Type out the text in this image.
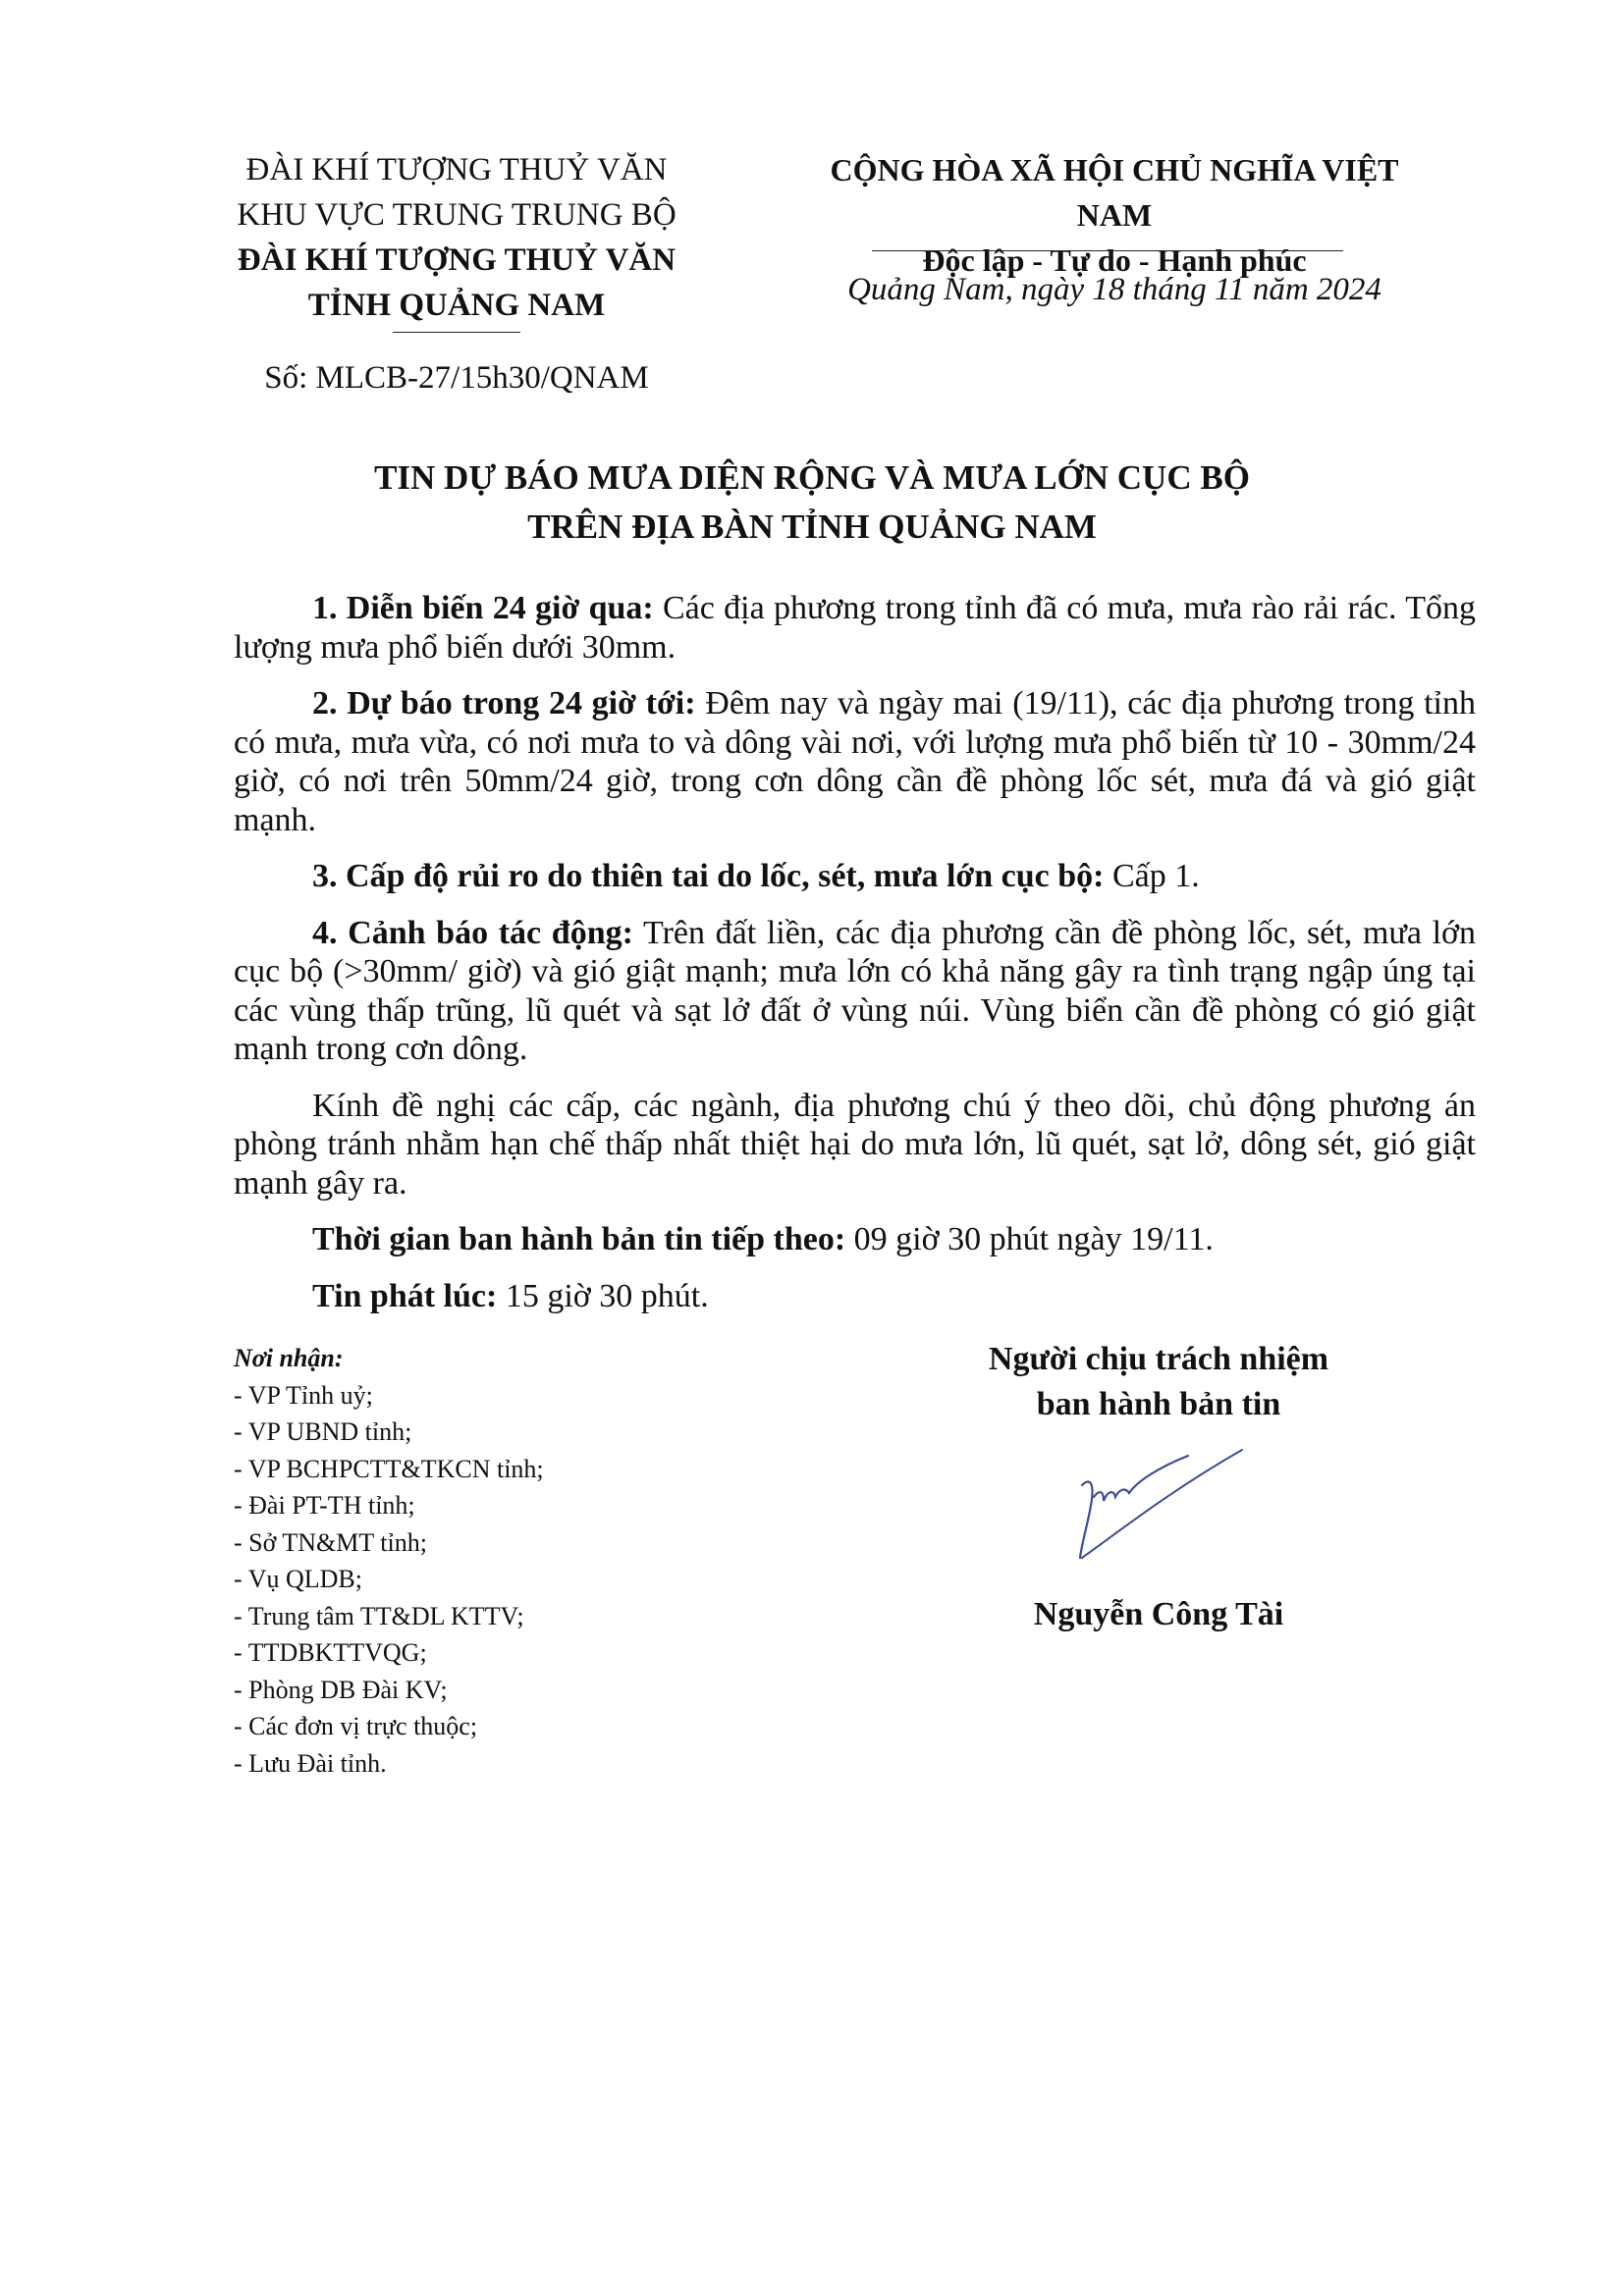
ĐÀI KHÍ TƯỢNG THUỶ VĂN
KHU VỰC TRUNG TRUNG BỘ
ĐÀI KHÍ TƯỢNG THUỶ VĂN
TỈNH QUẢNG NAM
Số: MLCB-27/15h30/QNAM
CỘNG HÒA XÃ HỘI CHỦ NGHĨA VIỆT NAM
Độc lập - Tự do - Hạnh phúc
Quảng Nam, ngày 18 tháng 11 năm 2024
TIN DỰ BÁO MƯA DIỆN RỘNG VÀ MƯA LỚN CỤC BỘ
TRÊN ĐỊA BÀN TỈNH QUẢNG NAM

1. Diễn biến 24 giờ qua: Các địa phương trong tỉnh đã có mưa, mưa rào rải rác. Tổng lượng mưa phổ biến dưới 30mm.

2. Dự báo trong 24 giờ tới: Đêm nay và ngày mai (19/11), các địa phương trong tỉnh có mưa, mưa vừa, có nơi mưa to và dông vài nơi, với lượng mưa phổ biến từ 10 - 30mm/24 giờ, có nơi trên 50mm/24 giờ, trong cơn dông cần đề phòng lốc sét, mưa đá và gió giật mạnh.

3. Cấp độ rủi ro do thiên tai do lốc, sét, mưa lớn cục bộ: Cấp 1.

4. Cảnh báo tác động: Trên đất liền, các địa phương cần đề phòng lốc, sét, mưa lớn cục bộ (>30mm/ giờ) và gió giật mạnh; mưa lớn có khả năng gây ra tình trạng ngập úng tại các vùng thấp trũng, lũ quét và sạt lở đất ở vùng núi. Vùng biển cần đề phòng có gió giật mạnh trong cơn dông.

Kính đề nghị các cấp, các ngành, địa phương chú ý theo dõi, chủ động phương án phòng tránh nhằm hạn chế thấp nhất thiệt hại do mưa lớn, lũ quét, sạt lở, dông sét, gió giật mạnh gây ra.

Thời gian ban hành bản tin tiếp theo: 09 giờ 30 phút ngày 19/11.

Tin phát lúc: 15 giờ 30 phút.

Nơi nhận:
- VP Tỉnh uỷ;
- VP UBND tỉnh;
- VP BCHPCTT&TKCN tỉnh;
- Đài PT-TH tỉnh;
- Sở TN&MT tỉnh;
- Vụ QLDB;
- Trung tâm TT&DL KTTV;
- TTDBKTTVQG;
- Phòng DB Đài KV;
- Các đơn vị trực thuộc;
- Lưu Đài tỉnh.
Người chịu trách nhiệm
ban hành bản tin
Nguyễn Công Tài
